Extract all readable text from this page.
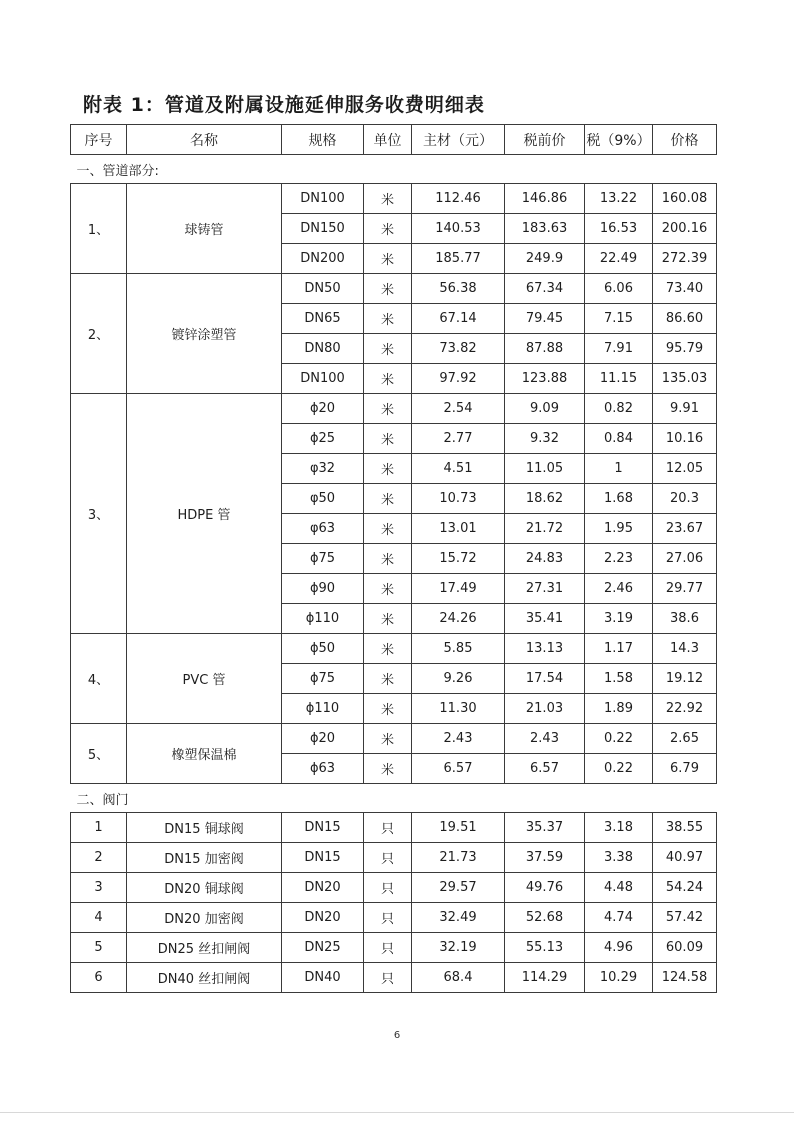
附表 1：管道及附属设施延伸服务收费明细表
序号	名称	规格	单位	主材（元）	税前价	税（9%）	价格
一、管道部分:							
1、	球铸管	DN100	米	112.46	146.86	13.22	160.08
		DN150	米	140.53	183.63	16.53	200.16
		DN200	米	185.77	249.9	22.49	272.39
2、	镀锌涂塑管	DN50	米	56.38	67.34	6.06	73.40
		DN65	米	67.14	79.45	7.15	86.60
		DN80	米	73.82	87.88	7.91	95.79
		DN100	米	97.92	123.88	11.15	135.03
3、	HDPE 管	ϕ20	米	2.54	9.09	0.82	9.91
		ϕ25	米	2.77	9.32	0.84	10.16
		φ32	米	4.51	11.05	1	12.05
		φ50	米	10.73	18.62	1.68	20.3
		φ63	米	13.01	21.72	1.95	23.67
		ϕ75	米	15.72	24.83	2.23	27.06
		ϕ90	米	17.49	27.31	2.46	29.77
		ϕ110	米	24.26	35.41	3.19	38.6
4、	PVC 管	ϕ50	米	5.85	13.13	1.17	14.3
		ϕ75	米	9.26	17.54	1.58	19.12
		ϕ110	米	11.30	21.03	1.89	22.92
5、	橡塑保温棉	ϕ20	米	2.43	2.43	0.22	2.65
		ϕ63	米	6.57	6.57	0.22	6.79
二、阀门							
1	DN15 铜球阀	DN15	只	19.51	35.37	3.18	38.55
2	DN15 加密阀	DN15	只	21.73	37.59	3.38	40.97
3	DN20 铜球阀	DN20	只	29.57	49.76	4.48	54.24
4	DN20 加密阀	DN20	只	32.49	52.68	4.74	57.42
5	DN25 丝扣闸阀	DN25	只	32.19	55.13	4.96	60.09
6	DN40 丝扣闸阀	DN40	只	68.4	114.29	10.29	124.58
6
